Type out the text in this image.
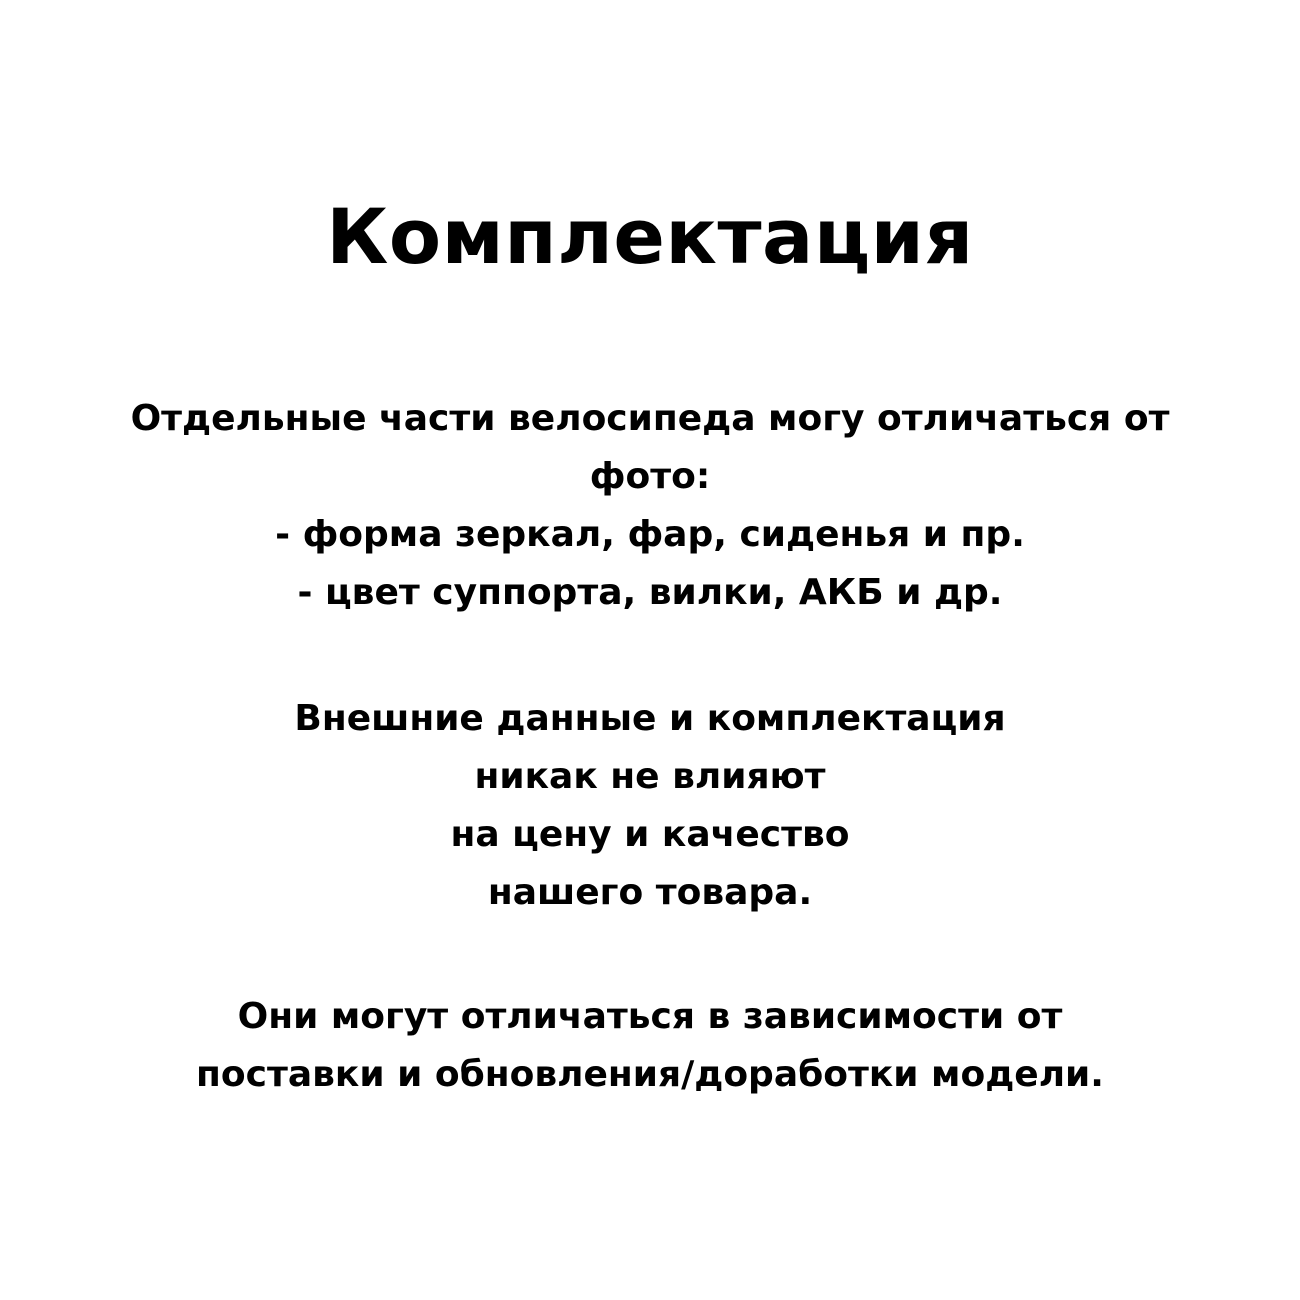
Комплектация
Отдельные части велосипеда могу отличаться от
фото:
- форма зеркал, фар, сиденья и пр.
- цвет суппорта, вилки, АКБ и др.
Внешние данные и комплектация
никак не влияют
на цену и качество
нашего товара.
Они могут отличаться в зависимости от
поставки и обновления/доработки модели.
